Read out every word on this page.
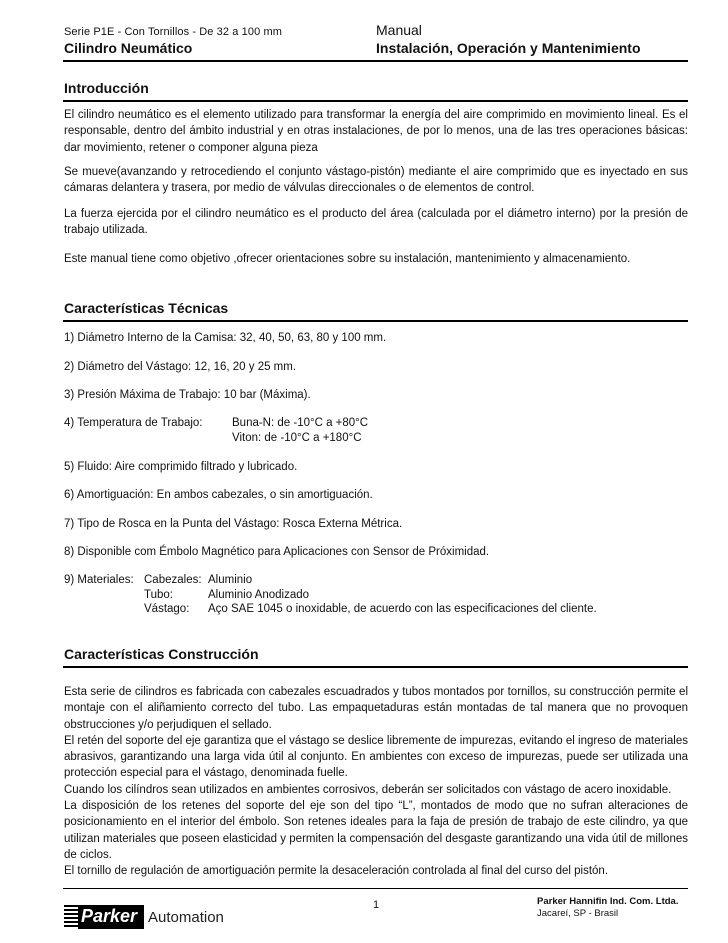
Serie P1E - Con Tornillos - De 32 a 100 mm
Cilindro Neumático
Manual
Instalación, Operación y Mantenimiento
Introducción
El cilindro neumático es el elemento utilizado para transformar la energía del aire comprimido en movimiento lineal. Es el responsable, dentro del ámbito industrial y en otras instalaciones, de por lo menos, una de las tres operaciones básicas: dar movimiento, retener o componer alguna pieza
Se mueve(avanzando y retrocediendo el conjunto vástago-pistón) mediante el aire comprimido que es inyectado en sus cámaras delantera y trasera, por medio de válvulas direccionales o de elementos de control.
La fuerza ejercida por el cilindro neumático es el producto del área (calculada por el diámetro interno) por la presión de trabajo utilizada.
Este manual tiene como objetivo ,ofrecer orientaciones sobre su instalación, mantenimiento y almacenamiento.
Características Técnicas
1) Diámetro Interno de la Camisa: 32, 40, 50, 63, 80 y 100 mm.
2) Diámetro del Vástago: 12, 16, 20 y 25 mm.
3) Presión Máxima de Trabajo: 10 bar (Máxima).
4) Temperatura de Trabajo:	Buna-N: de -10°C a +80°C
Viton: de -10°C a +180°C
5) Fluido: Aire comprimido filtrado y lubricado.
6) Amortiguación: En ambos cabezales, o sin amortiguación.
7) Tipo de Rosca en la Punta del Vástago: Rosca Externa Métrica.
8) Disponible com Émbolo Magnético para Aplicaciones con Sensor de Próximidad.
9) Materiales: Cabezales: Aluminio
Tubo:	Aluminio Anodizado
Vástago: Aço SAE 1045 o inoxidable, de acuerdo con las especificaciones del cliente.
Características Construcción

Esta serie de cilindros es fabricada con cabezales escuadrados y tubos montados por tornillos, su construcción permite el montaje con el aliñamiento correcto del tubo. Las empaquetaduras están montadas de tal manera que no provoquen obstrucciones y/o perjudiquen el sellado.

El retén del soporte del eje garantiza que el vástago se deslice libremente de impurezas, evitando el ingreso de materiales abrasivos, garantizando una larga vida útil al conjunto. En ambientes con exceso de impurezas, puede ser utilizada una protección especial para el vástago, denominada fuelle.

Cuando los cilíndros sean utilizados en ambientes corrosivos, deberán ser solicitados con vástago de acero inoxidable.

La disposición de los retenes del soporte del eje son del tipo “L”, montados de modo que no sufran alteraciones de posicionamiento en el interior del émbolo. Son retenes ideales para la faja de presión de trabajo de este cilindro, ya que utilizan materiales que poseen elasticidad y permiten la compensación del desgaste garantizando una vida útil de millones de ciclos.

El tornillo de regulación de amortiguación permite la desaceleración controlada al final del curso del pistón.

Parker Automation
1	Parker Hannifin Ind. Com. Ltda.
Jacareí, SP - Brasil
